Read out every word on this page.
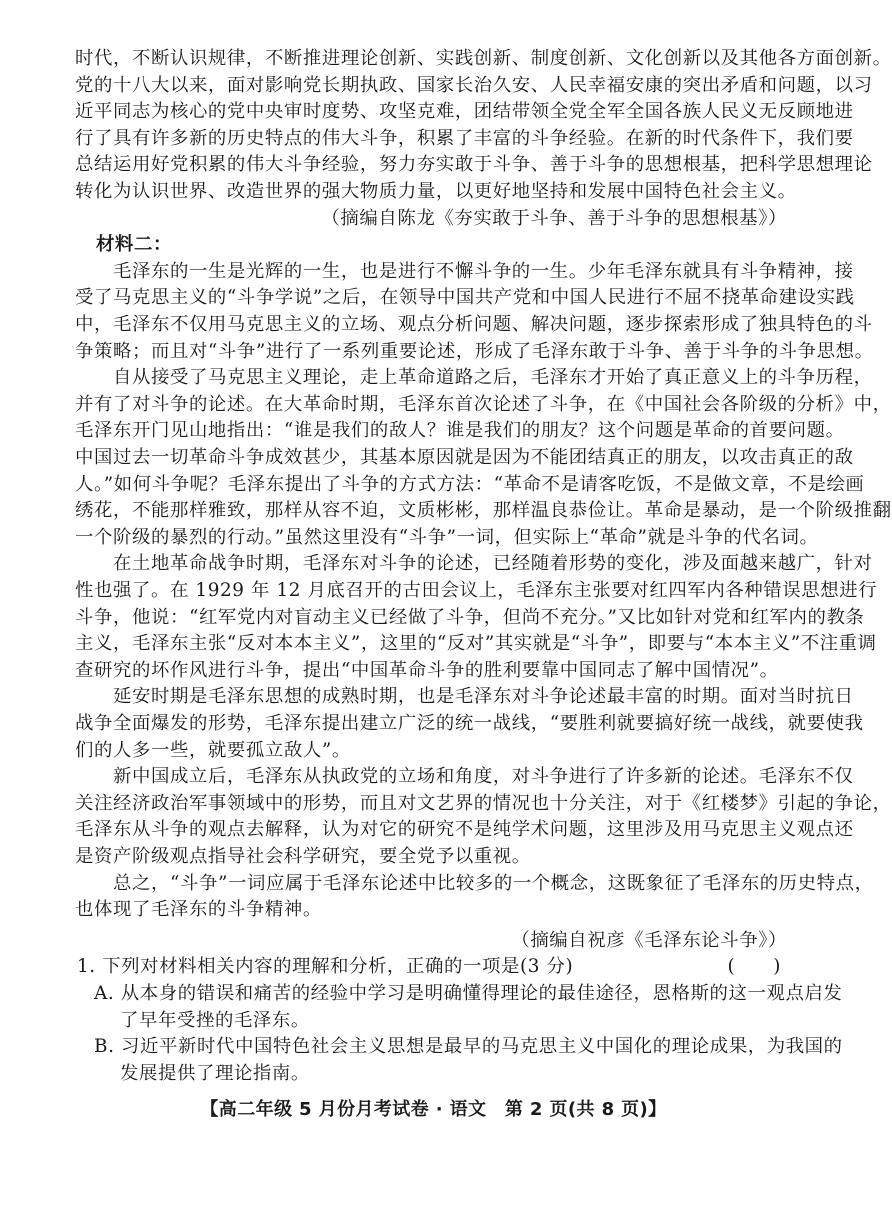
时代，不断认识规律，不断推进理论创新、实践创新、制度创新、文化创新以及其他各方面创新。
党的十八大以来，面对影响党长期执政、国家长治久安、人民幸福安康的突出矛盾和问题，以习
近平同志为核心的党中央审时度势、攻坚克难，团结带领全党全军全国各族人民义无反顾地进
行了具有许多新的历史特点的伟大斗争，积累了丰富的斗争经验。在新的时代条件下，我们要
总结运用好党积累的伟大斗争经验，努力夯实敢于斗争、善于斗争的思想根基，把科学思想理论
转化为认识世界、改造世界的强大物质力量，以更好地坚持和发展中国特色社会主义。
（摘编自陈龙《夯实敢于斗争、善于斗争的思想根基》）
材料二：
毛泽东的一生是光辉的一生，也是进行不懈斗争的一生。少年毛泽东就具有斗争精神，接
受了马克思主义的“斗争学说”之后，在领导中国共产党和中国人民进行不屈不挠革命建设实践
中，毛泽东不仅用马克思主义的立场、观点分析问题、解决问题，逐步探索形成了独具特色的斗
争策略；而且对“斗争”进行了一系列重要论述，形成了毛泽东敢于斗争、善于斗争的斗争思想。
自从接受了马克思主义理论，走上革命道路之后，毛泽东才开始了真正意义上的斗争历程，
并有了对斗争的论述。在大革命时期，毛泽东首次论述了斗争，在《中国社会各阶级的分析》中，
毛泽东开门见山地指出：“谁是我们的敌人？谁是我们的朋友？这个问题是革命的首要问题。
中国过去一切革命斗争成效甚少，其基本原因就是因为不能团结真正的朋友，以攻击真正的敌
人。”如何斗争呢？毛泽东提出了斗争的方式方法：“革命不是请客吃饭，不是做文章，不是绘画
绣花，不能那样雅致，那样从容不迫，文质彬彬，那样温良恭俭让。革命是暴动，是一个阶级推翻
一个阶级的暴烈的行动。”虽然这里没有“斗争”一词，但实际上“革命”就是斗争的代名词。
在土地革命战争时期，毛泽东对斗争的论述，已经随着形势的变化，涉及面越来越广，针对
性也强了。在 1929 年 12 月底召开的古田会议上，毛泽东主张要对红四军内各种错误思想进行
斗争，他说：“红军党内对盲动主义已经做了斗争，但尚不充分。”又比如针对党和红军内的教条
主义，毛泽东主张“反对本本主义”，这里的“反对”其实就是“斗争”，即要与“本本主义”不注重调
查研究的坏作风进行斗争，提出“中国革命斗争的胜利要靠中国同志了解中国情况”。
延安时期是毛泽东思想的成熟时期，也是毛泽东对斗争论述最丰富的时期。面对当时抗日
战争全面爆发的形势，毛泽东提出建立广泛的统一战线，“要胜利就要搞好统一战线，就要使我
们的人多一些，就要孤立敌人”。
新中国成立后，毛泽东从执政党的立场和角度，对斗争进行了许多新的论述。毛泽东不仅
关注经济政治军事领域中的形势，而且对文艺界的情况也十分关注，对于《红楼梦》引起的争论，
毛泽东从斗争的观点去解释，认为对它的研究不是纯学术问题，这里涉及用马克思主义观点还
是资产阶级观点指导社会科学研究，要全党予以重视。
总之，“斗争”一词应属于毛泽东论述中比较多的一个概念，这既象征了毛泽东的历史特点，
也体现了毛泽东的斗争精神。
（摘编自祝彦《毛泽东论斗争》）
1. 下列对材料相关内容的理解和分析，正确的一项是(3 分)	(　　)
A. 从本身的错误和痛苦的经验中学习是明确懂得理论的最佳途径，恩格斯的这一观点启发
了早年受挫的毛泽东。
B. 习近平新时代中国特色社会主义思想是最早的马克思主义中国化的理论成果，为我国的
发展提供了理论指南。
【高二年级 5 月份月考试卷 · 语文　第 2 页(共 8 页)】
